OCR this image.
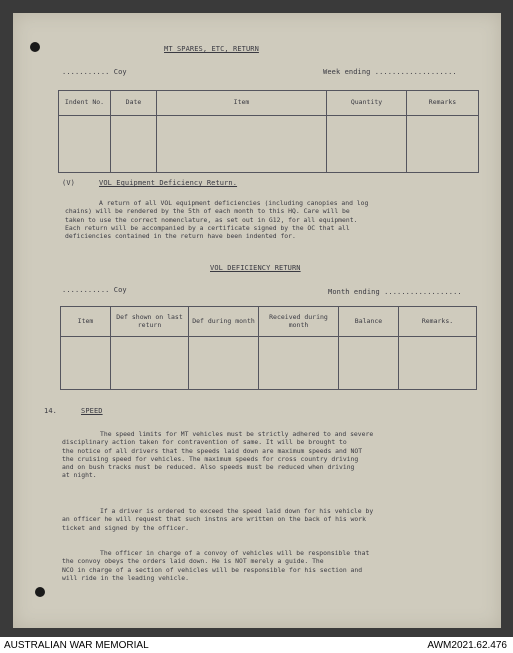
MT SPARES, ETC, RETURN
........... Coy	Week ending ...................
Indent No.	Date	Item	Quantity	Remarks

(V)	VOL Equipment Deficiency Return.
A return of all VOL equipment deficiencies (including canopies and log
chains) will be rendered by the 5th of each month to this HQ. Care will be
taken to use the correct nomenclature, as set out in G12, for all equipment.
Each return will be accompanied by a certificate signed by the OC that all
deficiencies contained in the return have been indented for.
VOL DEFICIENCY RETURN
........... Coy	Month ending ..................
Item	Def shown on last return	Def during month	Received during month	Balance	Remarks.

14.	SPEED
The speed limits for MT vehicles must be strictly adhered to and severe
disciplinary action taken for contravention of same. It will be brought to
the notice of all drivers that the speeds laid down are maximum speeds and NOT
the cruising speed for vehicles. The maximum speeds for cross country driving
and on bush tracks must be reduced. Also speeds must be reduced when driving
at night.
If a driver is ordered to exceed the speed laid down for his vehicle by
an officer he will request that such instns are written on the back of his work
ticket and signed by the officer.
The officer in charge of a convoy of vehicles will be responsible that
the convoy obeys the orders laid down. He is NOT merely a guide. The
NCO in charge of a section of vehicles will be responsible for his section and
will ride in the leading vehicle.
AUSTRALIAN WAR MEMORIAL	AWM2021.62.476
